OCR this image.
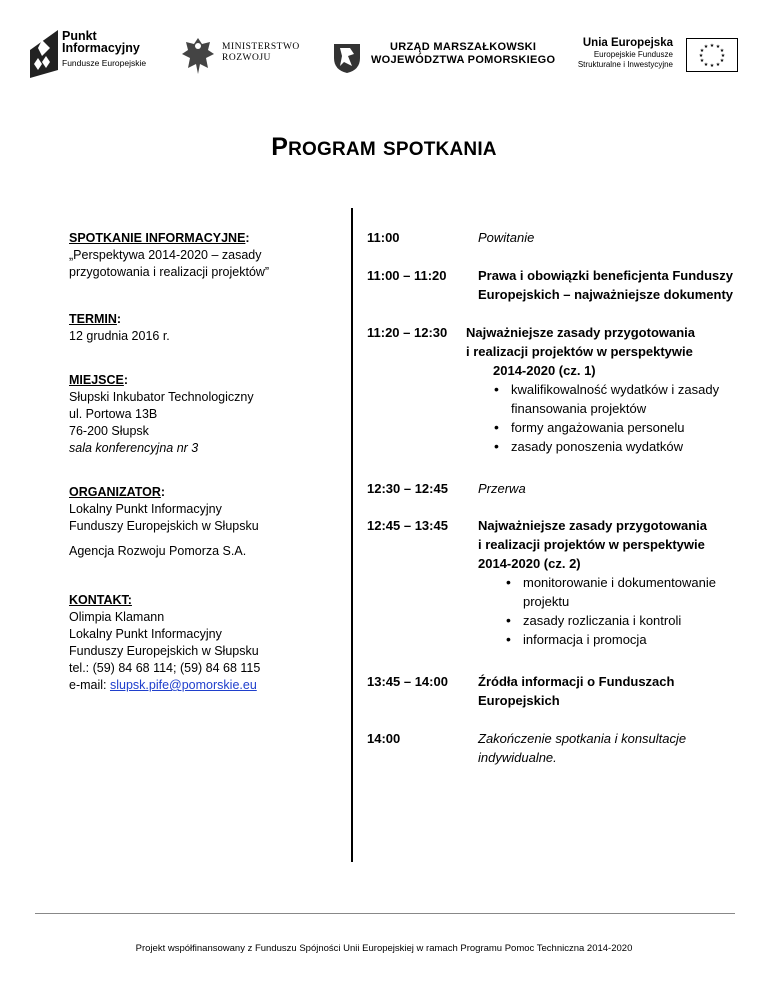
Punkt
Informacyjny
Fundusze Europejskie
MINISTERSTWO
ROZWOJU
URZĄD MARSZAŁKOWSKI
WOJEWÓDZTWA POMORSKIEGO
Unia Europejska
Europejskie Fundusze
Strukturalne i Inwestycyjne
★ ★
★
★
★
★
★
★
★
★
★
★
PROGRAM SPOTKANIA
SPOTKANIE INFORMACYJNE:
„Perspektywa 2014-2020 – zasady przygotowania i realizacji projektów”
TERMIN:
12 grudnia 2016 r.
MIEJSCE:
Słupski Inkubator Technologiczny
ul. Portowa 13B
76-200 Słupsk
sala konferencyjna nr 3
ORGANIZATOR:
Lokalny Punkt Informacyjny
Funduszy Europejskich w Słupsku
Agencja Rozwoju Pomorza S.A.
KONTAKT:
Olimpia Klamann
Lokalny Punkt Informacyjny
Funduszy Europejskich w Słupsku
tel.: (59) 84 68 114; (59) 84 68 115
e-mail: slupsk.pife@pomorskie.eu
11:00	Powitanie
11:00 – 11:20 Prawa i obowiązki beneficjenta Funduszy Europejskich – najważniejsze dokumenty
11:20 – 12:30 Najważniejsze zasady przygotowania
i realizacji projektów w perspektywie
2014-2020 (cz. 1)
• kwalifikowalność wydatków i zasady finansowania projektów
• formy angażowania personelu
• zasady ponoszenia wydatków
12:30 – 12:45 Przerwa
12:45 – 13:45 Najważniejsze zasady przygotowania
i realizacji projektów w perspektywie
2014-2020 (cz. 2)
• monitorowanie i dokumentowanie projektu
• zasady rozliczania i kontroli
• informacja i promocja
13:45 – 14:00 Źródła informacji o Funduszach Europejskich
14:00	Zakończenie spotkania i konsultacje indywidualne.
Projekt współfinansowany z Funduszu Spójności Unii Europejskiej w ramach Programu Pomoc Techniczna 2014-2020
